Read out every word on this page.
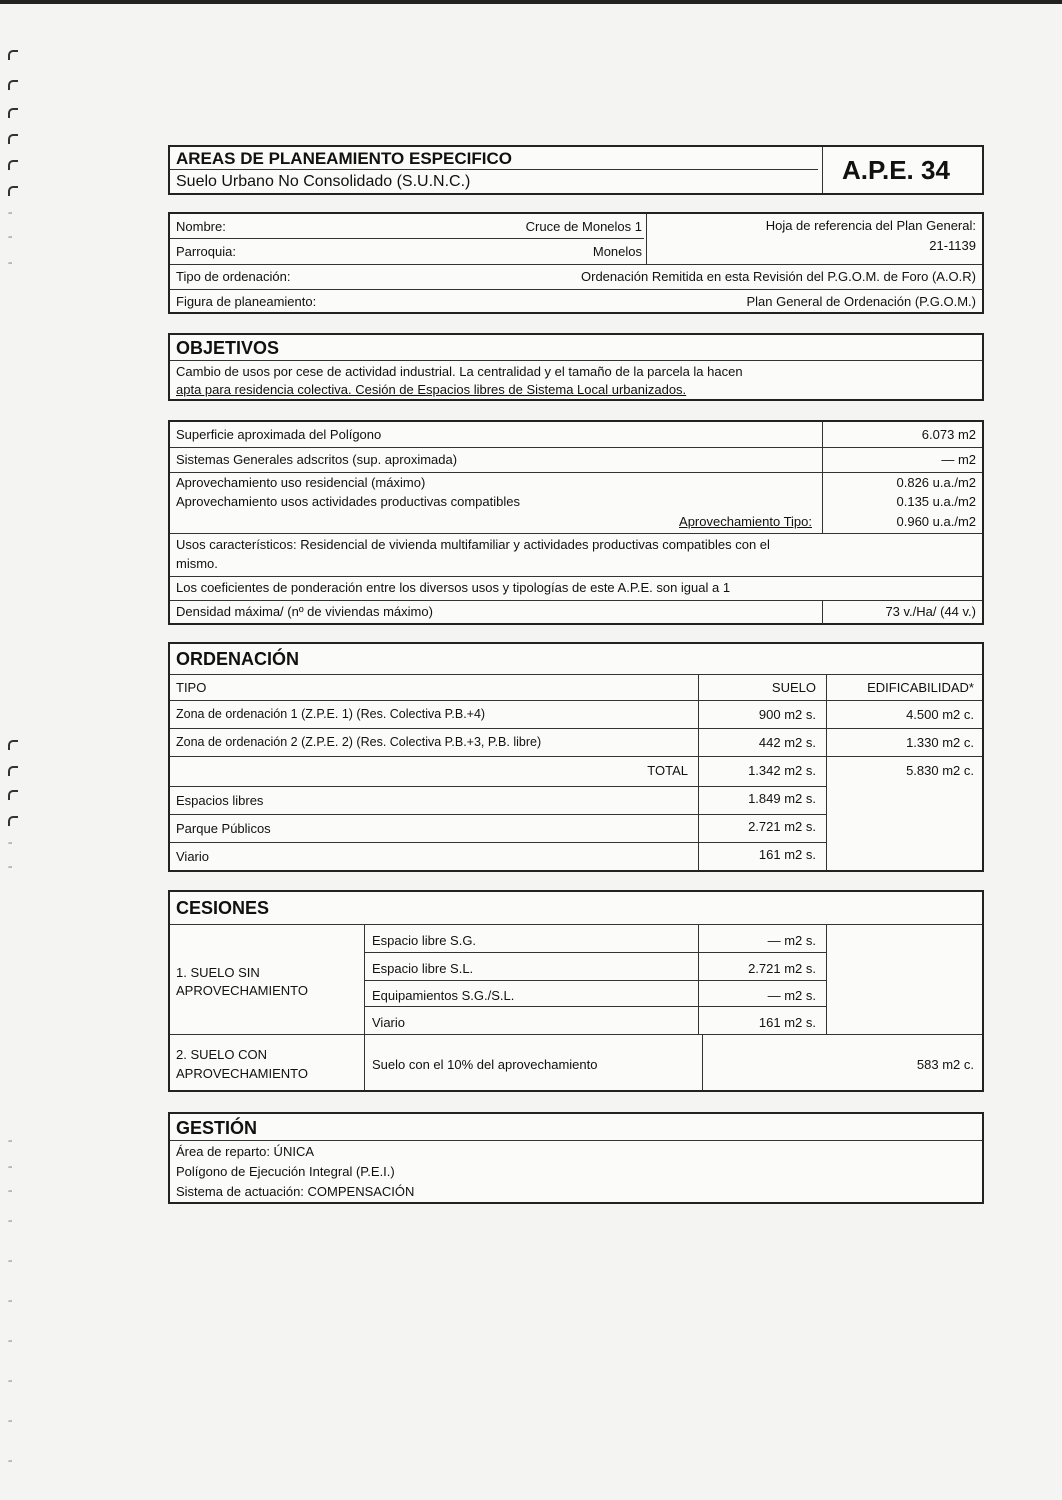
AREAS DE PLANEAMIENTO ESPECIFICO
Suelo Urbano No Consolidado (S.U.N.C.)	A.P.E. 34
Nombre:	Cruce de Monelos 1
Parroquia:	Monelos
Hoja de referencia del Plan General:
21-1139
Tipo de ordenación:	Ordenación Remitida en esta Revisión del P.G.O.M. de Foro (A.O.R)
Figura de planeamiento:	Plan General de Ordenación (P.G.O.M.)
OBJETIVOS
Cambio de usos por cese de actividad industrial. La centralidad y el tamaño de la parcela la hacen
apta para residencia colectiva. Cesión de Espacios libres de Sistema Local urbanizados.
Superficie aproximada del Polígono	6.073 m2
Sistemas Generales adscritos (sup. aproximada)	— m2
Aprovechamiento uso residencial (máximo)	0.826 u.a./m2
Aprovechamiento usos actividades productivas compatibles	0.135 u.a./m2
Aprovechamiento Tipo:	0.960 u.a./m2
Usos característicos: Residencial de vivienda multifamiliar y actividades productivas compatibles con el
mismo.
Los coeficientes de ponderación entre los diversos usos y tipologías de este A.P.E. son igual a 1
Densidad máxima/ (nº de viviendas máximo)	73 v./Ha/ (44 v.)
ORDENACIÓN
TIPO	SUELO	EDIFICABILIDAD*
Zona de ordenación 1 (Z.P.E. 1) (Res. Colectiva P.B.+4)	900 m2 s.	4.500 m2 c.
Zona de ordenación 2 (Z.P.E. 2) (Res. Colectiva P.B.+3, P.B. libre)	442 m2 s.	1.330 m2 c.
TOTAL	1.342 m2 s.	5.830 m2 c.
Espacios libres	1.849 m2 s.
Parque Públicos	2.721 m2 s.
Viario	161 m2 s.
CESIONES
1. SUELO SIN
APROVECHAMIENTO
Espacio libre S.G.	— m2 s.
Espacio libre S.L.	2.721 m2 s.
Equipamientos S.G./S.L.	— m2 s.
Viario	161 m2 s.
2. SUELO CON
APROVECHAMIENTO
Suelo con el 10% del aprovechamiento	583 m2 c.
GESTIÓN
Área de reparto: ÚNICA
Polígono de Ejecución Integral (P.E.I.)
Sistema de actuación: COMPENSACIÓN
